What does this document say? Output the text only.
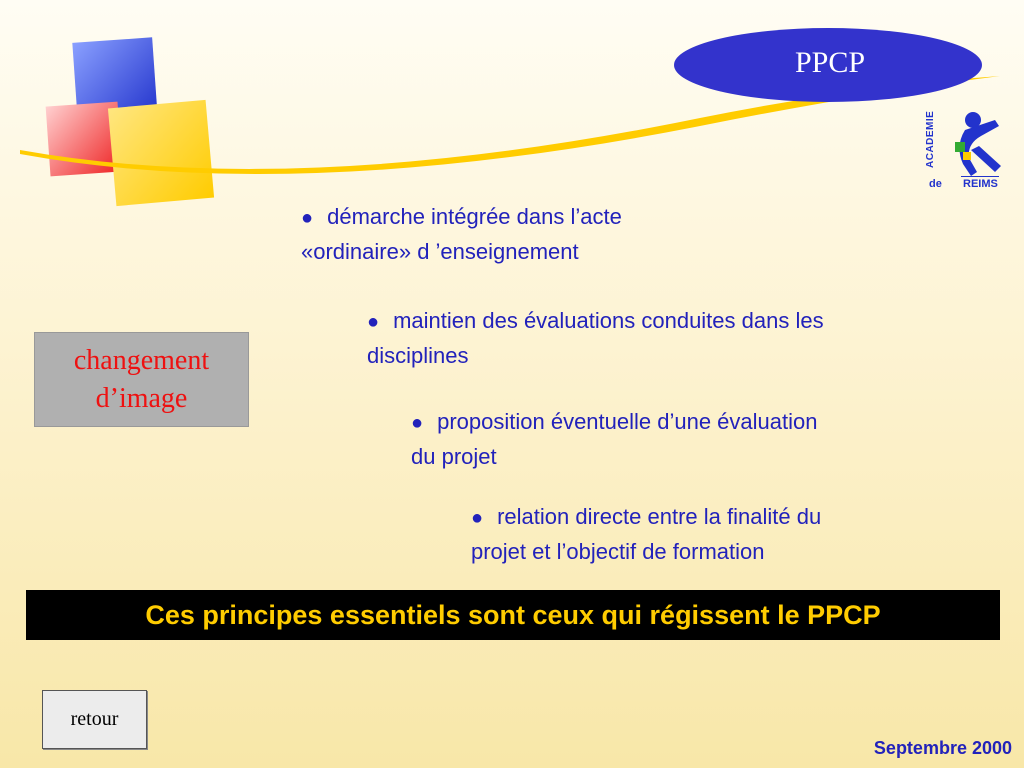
PPCP
ACADEMIE
de REIMS
● démarche intégrée dans l’acte
«ordinaire» d ’enseignement
● maintien des évaluations conduites dans les
disciplines
● proposition éventuelle d’une évaluation
du projet
● relation directe entre la finalité du
projet et l’objectif de formation
changement
d’image
Ces principes essentiels sont ceux qui régissent le PPCP
retour
Septembre 2000
